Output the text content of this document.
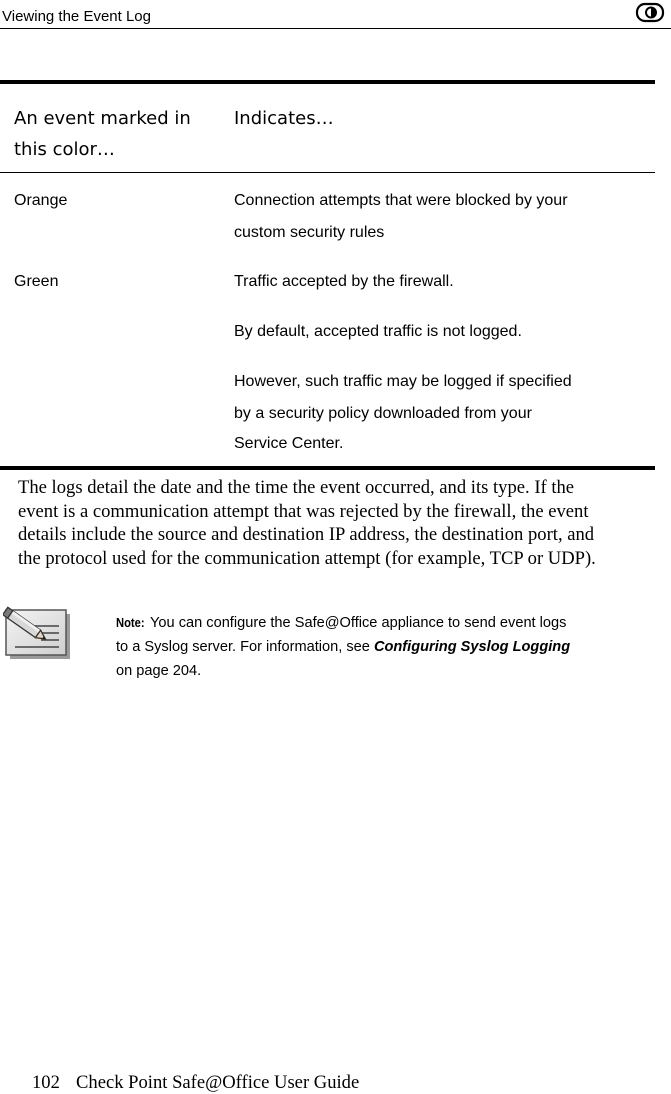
Viewing the Event Log
An event marked in this color…
Indicates…
Orange	Connection attempts that were blocked by your
custom security rules
Green	Traffic accepted by the firewall.
By default, accepted traffic is not logged.
However, such traffic may be logged if specified
by a security policy downloaded from your
Service Center.
The logs detail the date and the time the event occurred, and its type. If the
event is a communication attempt that was rejected by the firewall, the event
details include the source and destination IP address, the destination port, and
the protocol used for the communication attempt (for example, TCP or UDP).
Note: You can configure the Safe@Office appliance to send event logs
to a Syslog server. For information, see Configuring Syslog Logging
on page 204.
102 Check Point Safe@Office User Guide
